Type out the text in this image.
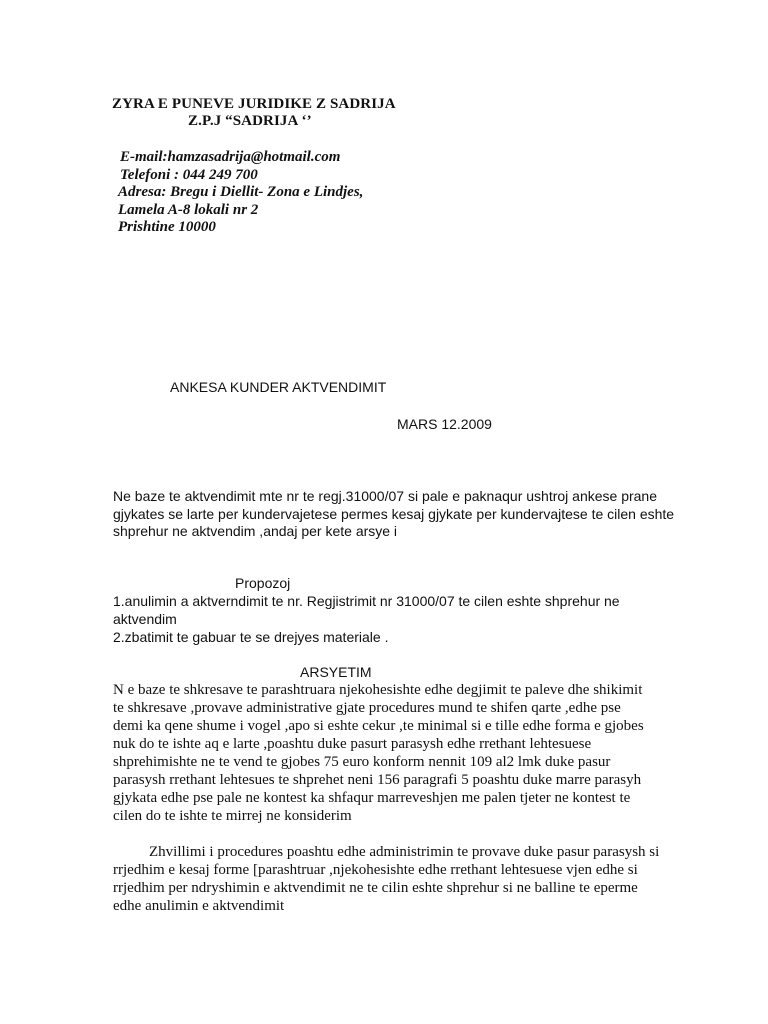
ZYRA E PUNEVE JURIDIKE Z SADRIJA
Z.P.J “SADRIJA ‘’
E-mail:hamzasadrija@hotmail.com
Telefoni : 044 249 700
Adresa: Bregu i Diellit- Zona e Lindjes,
Lamela A-8 lokali nr 2
Prishtine 10000
ANKESA KUNDER AKTVENDIMIT
MARS 12.2009
Ne baze te aktvendimit mte nr te regj.31000/07 si pale e paknaqur ushtroj ankese prane
gjykates se larte per kundervajetese permes kesaj gjykate per kundervajtese te cilen eshte
shprehur ne aktvendim ,andaj per kete arsye i
Propozoj
1.anulimin a aktverndimit te nr. Regjistrimit nr 31000/07 te cilen eshte shprehur ne
aktvendim
2.zbatimit te gabuar te se drejyes materiale .
ARSYETIM
N e baze te shkresave te parashtruara njekohesishte edhe degjimit te paleve dhe shikimit
te shkresave ,provave administrative gjate procedures mund te shifen qarte ,edhe pse
demi ka qene shume i vogel ,apo si eshte cekur ,te minimal si e tille edhe forma e gjobes
nuk do te ishte aq e larte ,poashtu duke pasurt parasysh edhe rrethant lehtesuese
shprehimishte ne te vend te gjobes 75 euro konform nennit 109 al2 lmk duke pasur
parasysh rrethant lehtesues te shprehet neni 156 paragrafi 5 poashtu duke marre parasyh
gjykata edhe pse pale ne kontest ka shfaqur marreveshjen me palen tjeter ne kontest te
cilen do te ishte te mirrej ne konsiderim
Zhvillimi i procedures poashtu edhe administrimin te provave duke pasur parasysh si
rrjedhim e kesaj forme [parashtruar ,njekohesishte edhe rrethant lehtesuese vjen edhe si
rrjedhim per ndryshimin e aktvendimit ne te cilin eshte shprehur si ne balline te eperme
edhe anulimin e aktvendimit
